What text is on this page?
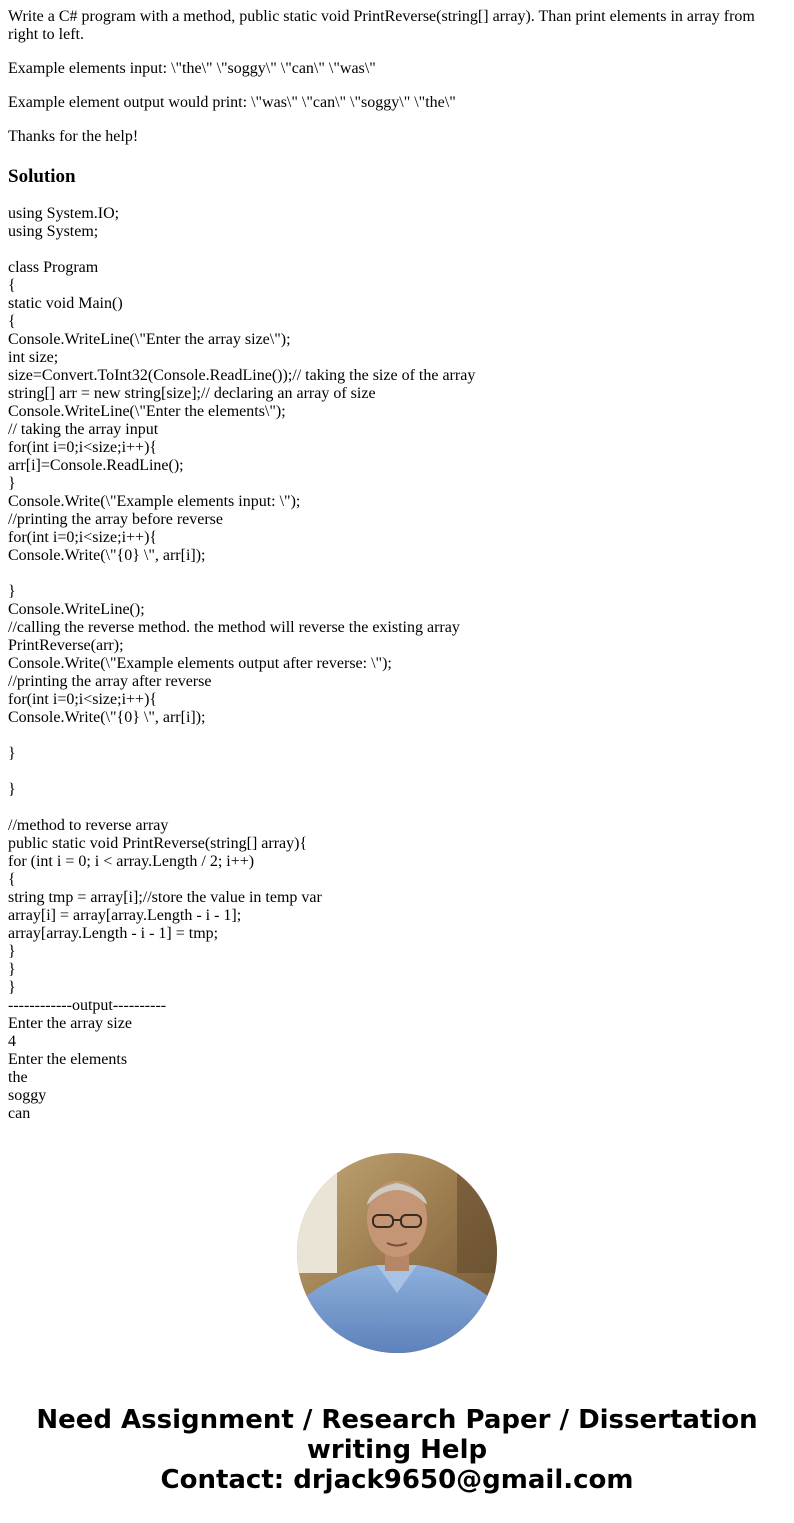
Write a C# program with a method, public static void PrintReverse(string[] array). Than print elements in array from right to left.

Example elements input: \"the\" \"soggy\" \"can\" \"was\"

Example element output would print: \"was\" \"can\" \"soggy\" \"the\"

Thanks for the help!

Solution
using System.IO;
using System;
class Program
{
static void Main()
{
Console.WriteLine(\"Enter the array size\");
int size;
size=Convert.ToInt32(Console.ReadLine());// taking the size of the array
string[] arr = new string[size];// declaring an array of size
Console.WriteLine(\"Enter the elements\");
// taking the array input
for(int i=0;i<size;i++){
arr[i]=Console.ReadLine();
}
Console.Write(\"Example elements input: \");
//printing the array before reverse
for(int i=0;i<size;i++){
Console.Write(\"{0} \", arr[i]);
}
Console.WriteLine();
//calling the reverse method. the method will reverse the existing array
PrintReverse(arr);
Console.Write(\"Example elements output after reverse: \");
//printing the array after reverse
for(int i=0;i<size;i++){
Console.Write(\"{0} \", arr[i]);
}
}
//method to reverse array
public static void PrintReverse(string[] array){
for (int i = 0; i < array.Length / 2; i++)
{
string tmp = array[i];//store the value in temp var
array[i] = array[array.Length - i - 1];
array[array.Length - i - 1] = tmp;
}
}
}
------------output----------
Enter the array size
4
Enter the elements
the
soggy
can
Need Assignment / Research Paper / Dissertation
writing Help
Contact: drjack9650@gmail.com
